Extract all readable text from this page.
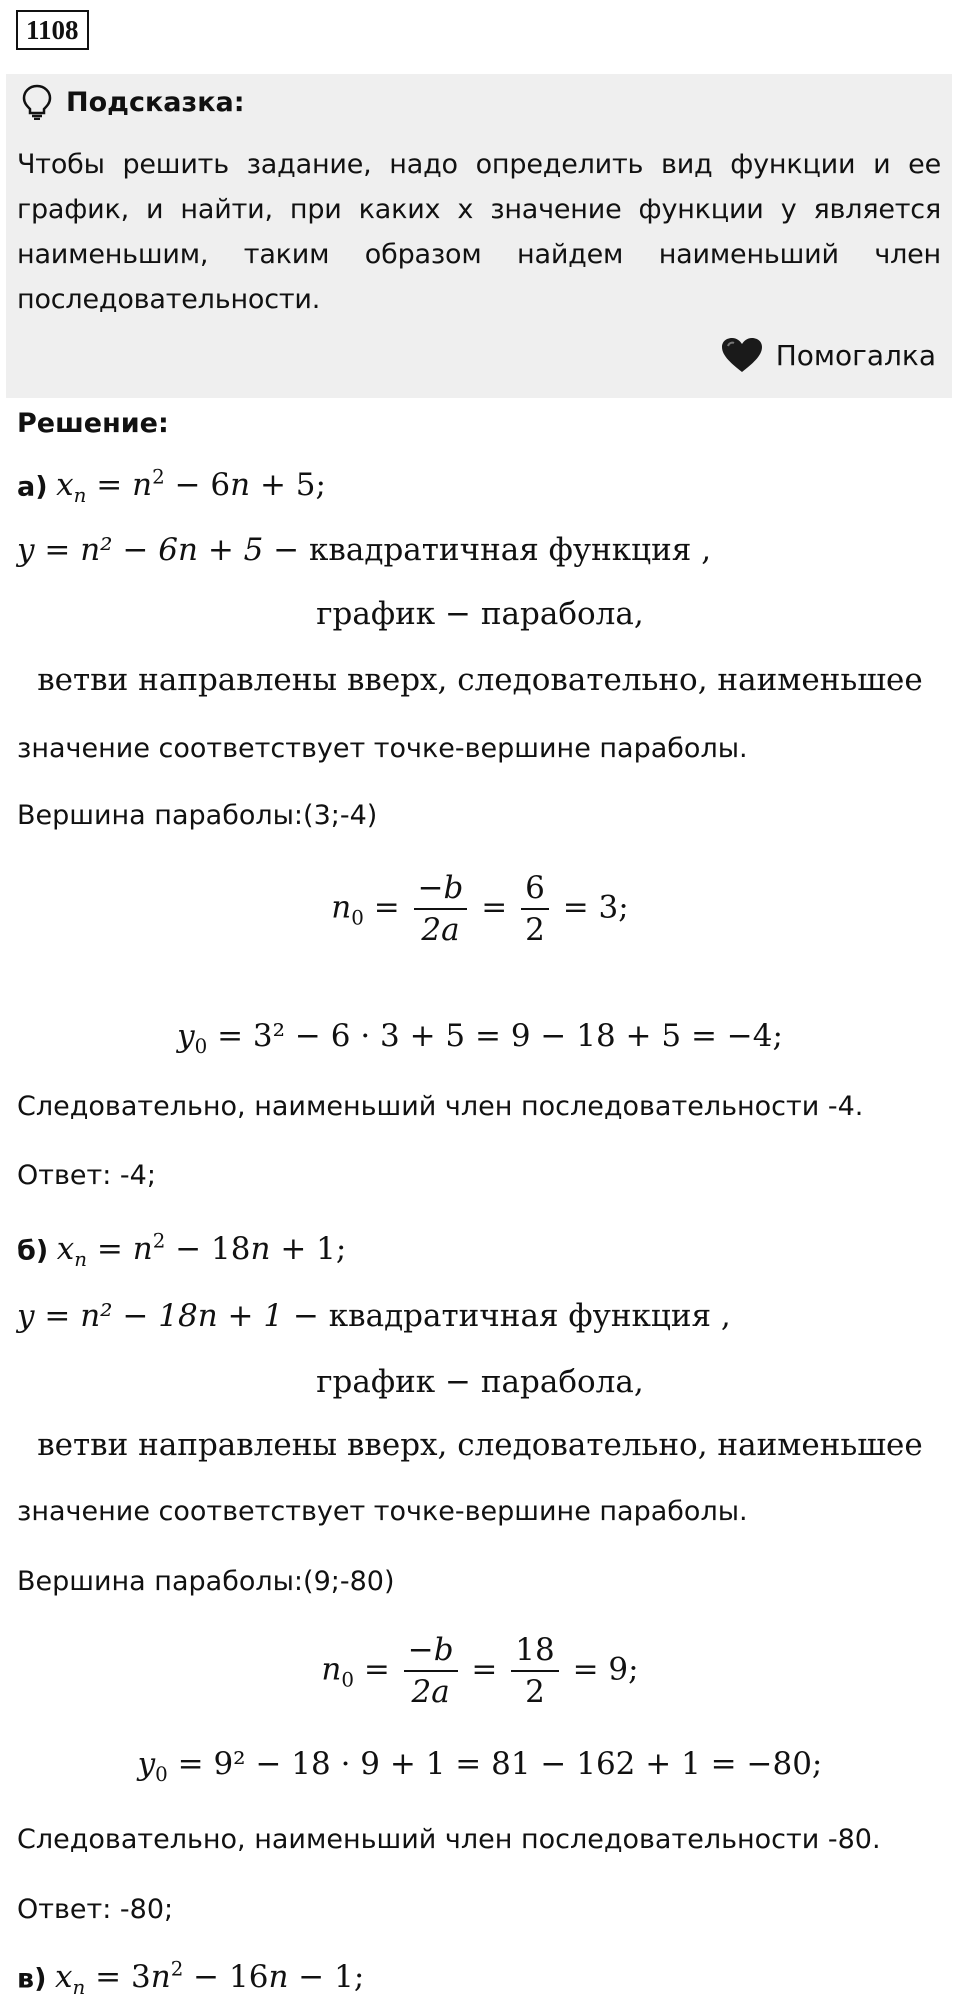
1108
Подсказка:
Чтобы решить задание, надо определить вид функции и ее график, и найти, при каких x значение функции y является наименьшим, таким образом найдем наименьший член последовательности.
Помогалка
Решение:
а) $x_n = n^2 - 6n + 5$;
y = n² − 6n + 5 − квадратичная функция ,
график − парабола,
ветви направлены вверх, следовательно, наименьшее
значение соответствует точке-вершине параболы.
Вершина параболы:(3;-4)
$n_0 = \frac{-b}{2a} = \frac{6}{2} = 3$;
$y_0 = 3^2 - 6 \cdot 3 + 5 = 9 - 18 + 5 = -4$;
Следовательно, наименьший член последовательности -4.
Ответ: -4;
б) $x_n = n^2 - 18n + 1$;
y = n² − 18n + 1 − квадратичная функция ,
график − парабола,
ветви направлены вверх, следовательно, наименьшее
значение соответствует точке-вершине параболы.
Вершина параболы:(9;-80)
$n_0 = \frac{-b}{2a} = \frac{18}{2} = 9$;
$y_0 = 9^2 - 18 \cdot 9 + 1 = 81 - 162 + 1 = -80$;
Следовательно, наименьший член последовательности -80.
Ответ: -80;
в) $x_n = 3n^2 - 16n - 1$;
